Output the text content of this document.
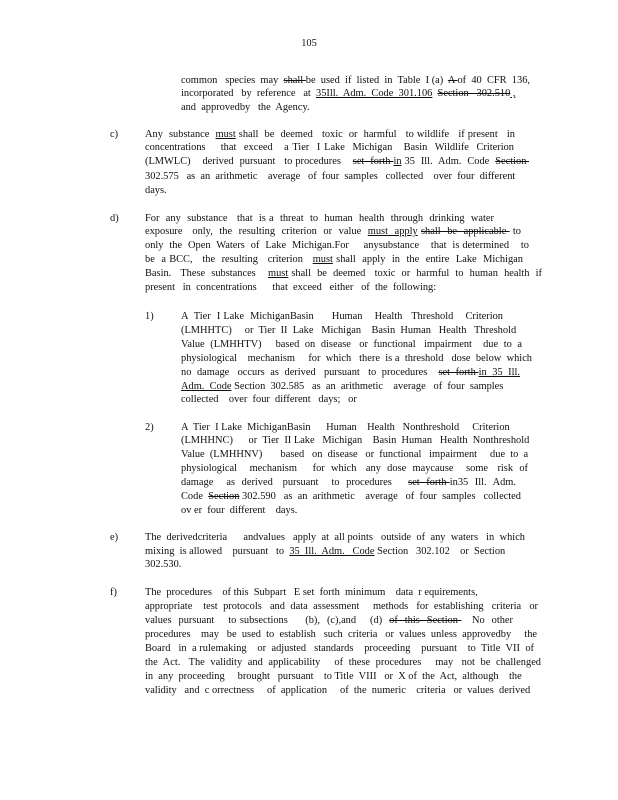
105
common   species  may  shall be  used  if  listed  in  Table  I (a)  A of  40  CFR  136,
incorporated   by  reference   at  35Ill.  Adm.  Code  301.106 Section   302.510 ,
and  approvedby   the  Agency.
Any  substance  must shall  be  deemed   toxic  or  harmful   to wildlife   if present   in
concentrations    that  exceed   a Tier  I Lake  Michigan   Basin  Wildlife  Criterion
(LMWLC)    derived  pursuant   to procedures    set  forth in 35  Ill.  Adm.  Code  Section
302.575   as  an  arithmetic    average   of  four  samples   collected    over  four  different
days.
For  any  substance   that  is a  threat  to  human  health  through  drinking  water
exposure   only,  the  resulting  criterion  or  value  must  apply shall  be  applicable  to
only  the  Open  Waters  of  Lake  Michigan.For     anysubstance    that  is determined    to
be  a BCC,   the  resulting   criterion   must shall  apply  in  the  entire  Lake  Michigan
Basin.   These  substances    must shall  be  deemed   toxic  or  harmful  to  human  health  if
present   in  concentrations      that  exceed   either   of  the  following:
A  Tier  I Lake  MichiganBasin      Human    Health   Threshold    Criterion
(LMHHTC)     or  Tier  II  Lake   Michigan    Basin  Human   Health   Threshold
Value  (LMHHTV)     based  on  disease   or  functional   impairment    due  to  a
physiological    mechanism     for  which   there  is a  threshold   dose  below  which
no  damage   occurs  as  derived   pursuant   to  procedures    set  forth in  35  Ill.
Adm.  Code Section  302.585   as  an  arithmetic    average   of  four  samples
collected    over  four  different   days;   or
A  Tier  I Lake  MichiganBasin      Human    Health   Nonthreshold     Criterion
(LMHHNC)      or  Tier  II Lake   Michigan    Basin  Human   Health  Nonthreshold
Value  (LMHHNV)       based   on  disease   or  functional   impairment     due  to  a
physiological    mechanism     for  which   any  dose  maycause    some   risk  of
damage    as  derived   pursuant    to  procedures     set  forth in35  Ill.  Adm.
Code  Section 302.590   as  an  arithmetic    average   of  four  samples   collected
ov er  four  different    days.
The  derivedcriteria      andvalues   apply  at  all points   outside  of  any  waters   in  which
mixing  is allowed    pursuant   to  35  Ill.  Adm.   Code Section   302.102    or  Section
302.530.
The  procedures    of this  Subpart   E set  forth  minimum    data  r equirements,
appropriate    test  protocols   and  data  assessment     methods   for  establishing   criteria   or
values  pursuant    to subsections     (b),  (c),and    (d)  of  this  Section    No  other
procedures    may   be  used  to  establish   such  criteria   or  values  unless  approvedby     the
Board   in  a rulemaking    or  adjusted   standards    proceeding    pursuant    to  Title  VII  of
the  Act.   The  validity  and  applicability     of  these  procedures     may   not  be  challenged
in  any  proceeding     brought   pursuant    to Title  VIII   or  X of  the  Act,  although    the
validity   and  c orrectness     of  application     of  the  numeric    criteria   or  values  derived
c)
d)
1)
2)
e)
f)
